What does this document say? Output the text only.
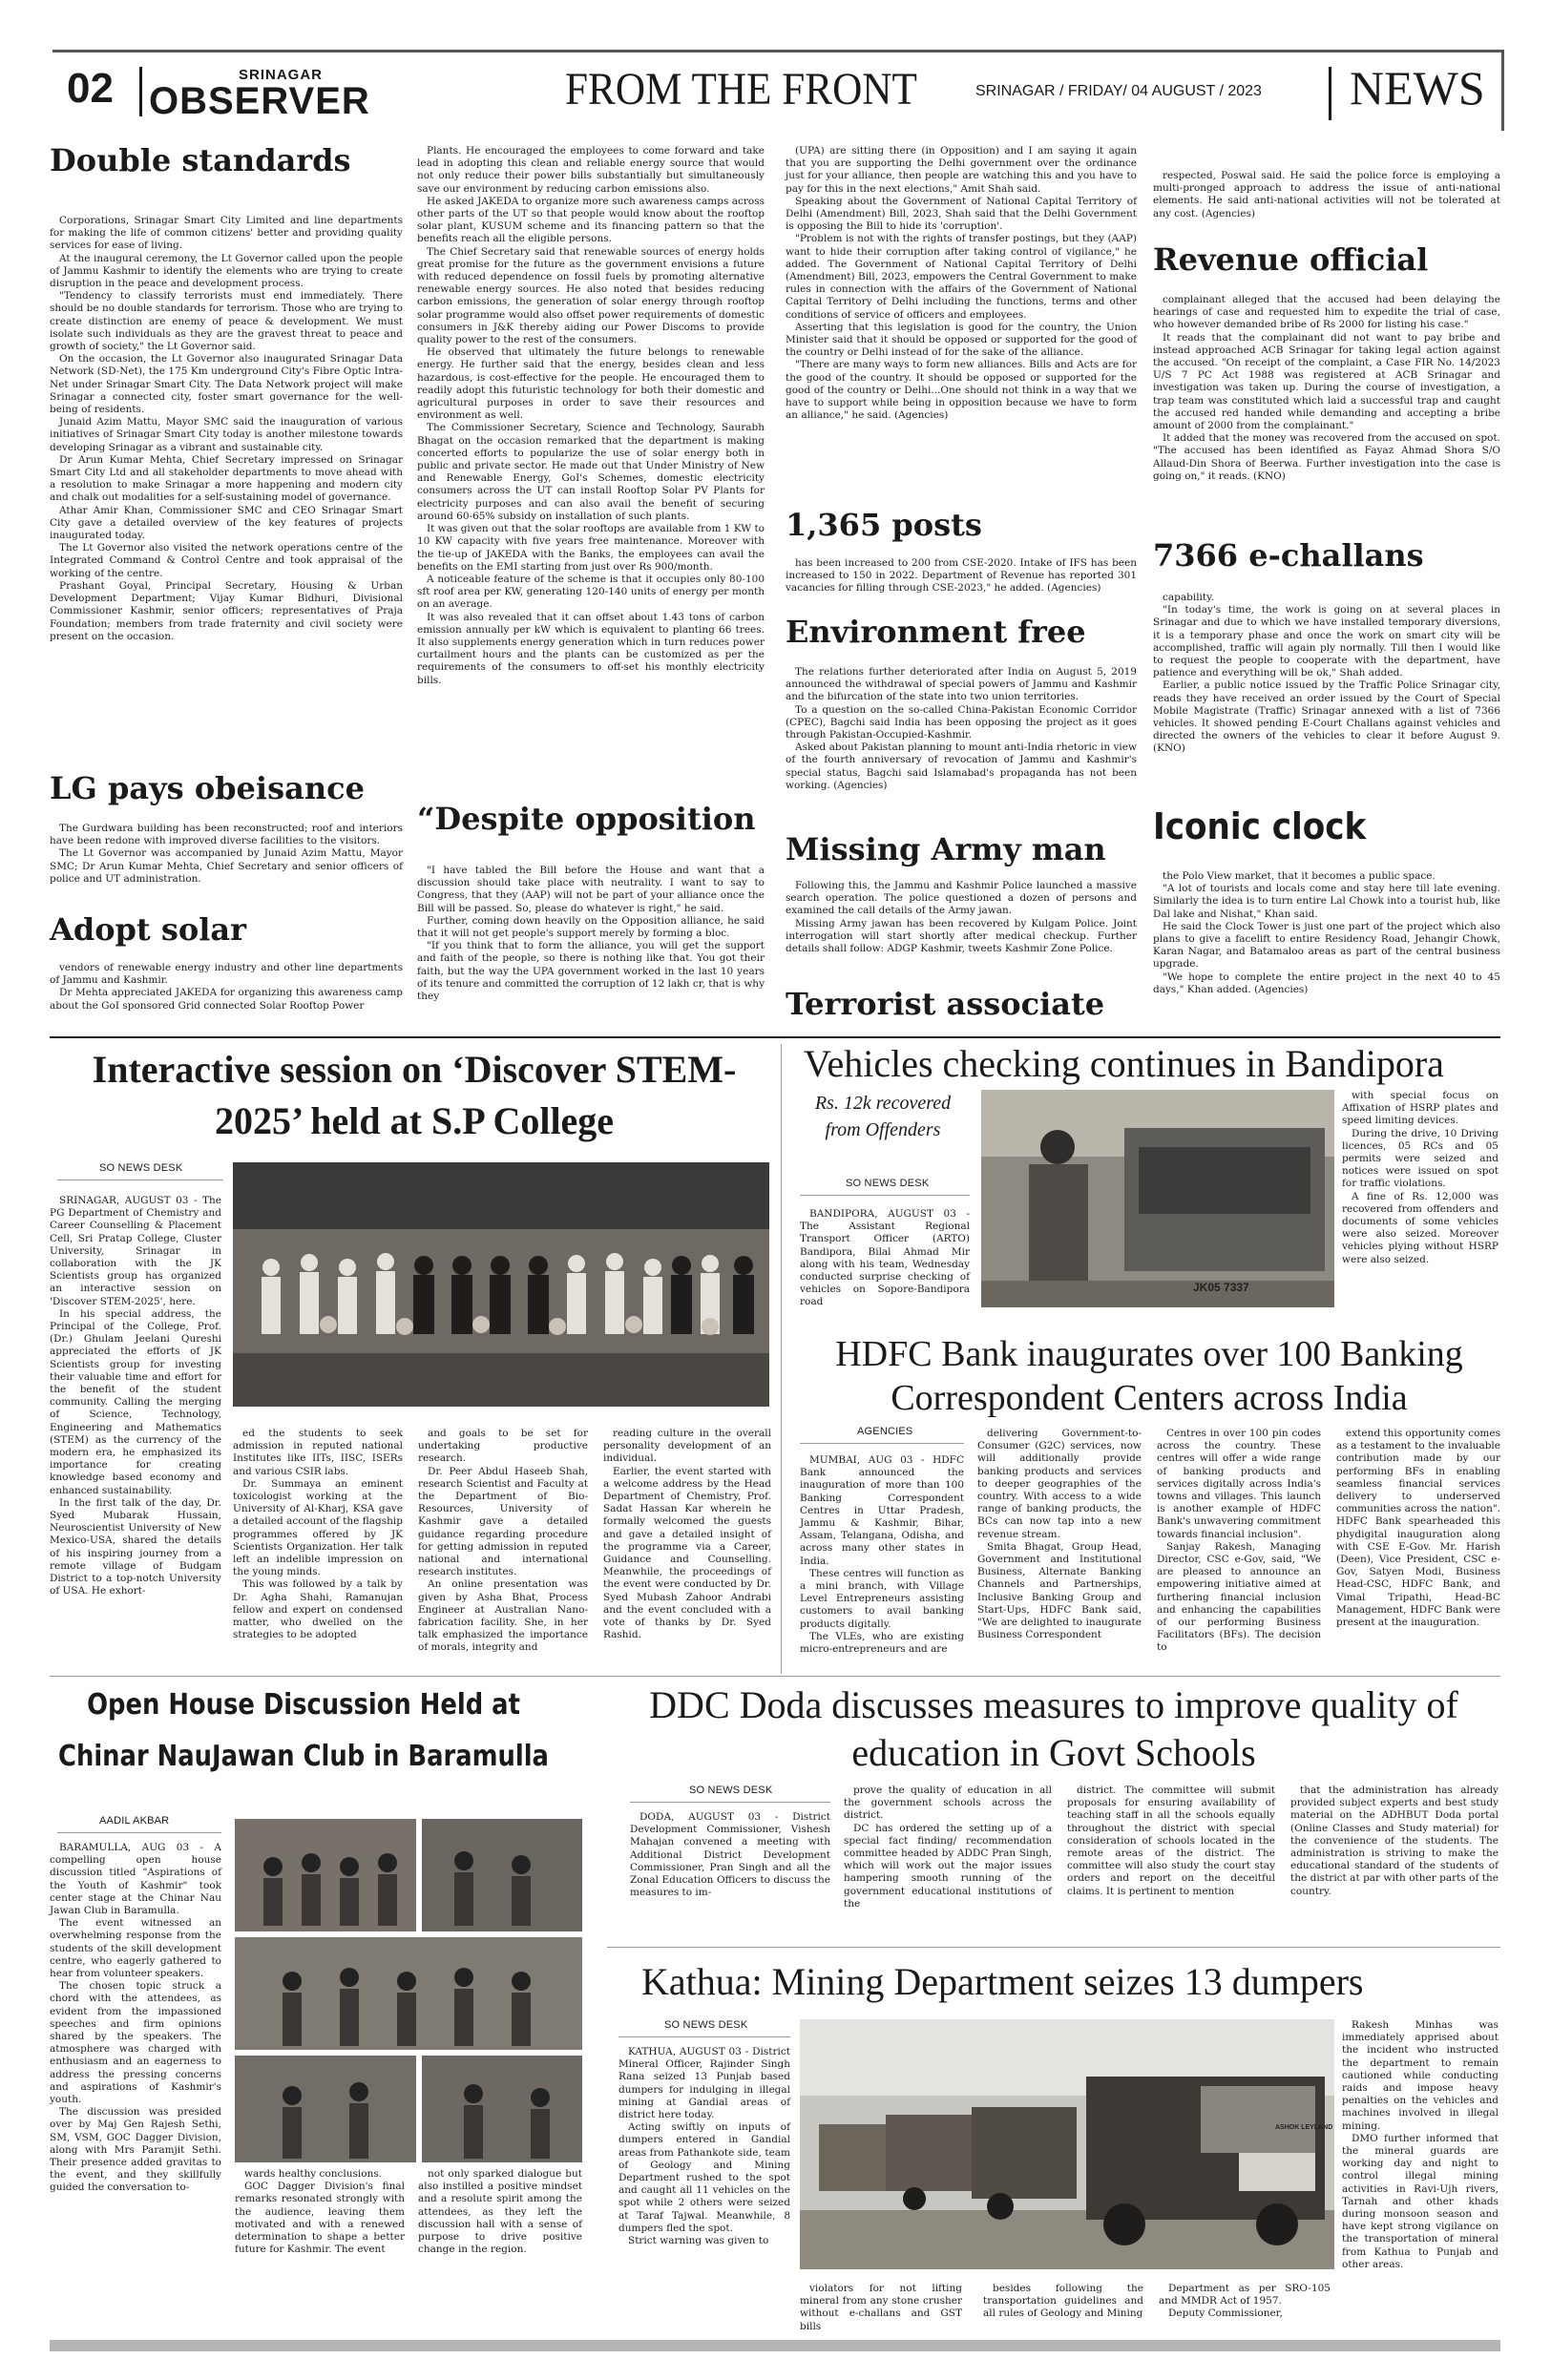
02	SRINAGAR
OBSERVER	FROM THE FRONT	SRINAGAR / FRIDAY/ 04 AUGUST / 2023 NEWS
Double standards

Corporations, Srinagar Smart City Limited and line departments for making the life of common citizens' better and providing quality services for ease of living.

At the inaugural ceremony, the Lt Governor called upon the people of Jammu Kashmir to identify the elements who are trying to create disruption in the peace and development process.

"Tendency to classify terrorists must end immediately. There should be no double standards for terrorism. Those who are trying to create distinction are enemy of peace & development. We must isolate such individuals as they are the gravest threat to peace and growth of society," the Lt Governor said.

On the occasion, the Lt Governor also inaugurated Srinagar Data Network (SD-Net), the 175 Km underground City's Fibre Optic Intra-Net under Srinagar Smart City. The Data Network project will make Srinagar a connected city, foster smart governance for the well-being of residents.

Junaid Azim Mattu, Mayor SMC said the inauguration of various initiatives of Srinagar Smart City today is another milestone towards developing Srinagar as a vibrant and sustainable city.

Dr Arun Kumar Mehta, Chief Secretary impressed on Srinagar Smart City Ltd and all stakeholder departments to move ahead with a resolution to make Srinagar a more happening and modern city and chalk out modalities for a self-sustaining model of governance.

Athar Amir Khan, Commissioner SMC and CEO Srinagar Smart City gave a detailed overview of the key features of projects inaugurated today.

The Lt Governor also visited the network operations centre of the Integrated Command & Control Centre and took appraisal of the working of the centre.

Prashant Goyal, Principal Secretary, Housing & Urban Development Department; Vijay Kumar Bidhuri, Divisional Commissioner Kashmir, senior officers; representatives of Praja Foundation; members from trade fraternity and civil society were present on the occasion.

LG pays obeisance

The Gurdwara building has been reconstructed; roof and interiors have been redone with improved diverse facilities to the visitors.

The Lt Governor was accompanied by Junaid Azim Mattu, Mayor SMC; Dr Arun Kumar Mehta, Chief Secretary and senior officers of police and UT administration.

Adopt solar

vendors of renewable energy industry and other line departments of Jammu and Kashmir.

Dr Mehta appreciated JAKEDA for organizing this awareness camp about the GoI sponsored Grid connected Solar Rooftop Power

Plants. He encouraged the employees to come forward and take lead in adopting this clean and reliable energy source that would not only reduce their power bills substantially but simultaneously save our environment by reducing carbon emissions also.

He asked JAKEDA to organize more such awareness camps across other parts of the UT so that people would know about the rooftop solar plant, KUSUM scheme and its financing pattern so that the benefits reach all the eligible persons.

The Chief Secretary said that renewable sources of energy holds great promise for the future as the government envisions a future with reduced dependence on fossil fuels by promoting alternative renewable energy sources. He also noted that besides reducing carbon emissions, the generation of solar energy through rooftop solar programme would also offset power requirements of domestic consumers in J&K thereby aiding our Power Discoms to provide quality power to the rest of the consumers.

He observed that ultimately the future belongs to renewable energy. He further said that the energy, besides clean and less hazardous, is cost-effective for the people. He encouraged them to readily adopt this futuristic technology for both their domestic and agricultural purposes in order to save their resources and environment as well.

The Commissioner Secretary, Science and Technology, Saurabh Bhagat on the occasion remarked that the department is making concerted efforts to popularize the use of solar energy both in public and private sector. He made out that Under Ministry of New and Renewable Energy, GoI's Schemes, domestic electricity consumers across the UT can install Rooftop Solar PV Plants for electricity purposes and can also avail the benefit of securing around 60-65% subsidy on installation of such plants.

It was given out that the solar rooftops are available from 1 KW to 10 KW capacity with five years free maintenance. Moreover with the tie-up of JAKEDA with the Banks, the employees can avail the benefits on the EMI starting from just over Rs 900/month.

A noticeable feature of the scheme is that it occupies only 80-100 sft roof area per KW, generating 120-140 units of energy per month on an average.

It was also revealed that it can offset about 1.43 tons of carbon emission annually per kW which is equivalent to planting 66 trees. It also supplements energy generation which in turn reduces power curtailment hours and the plants can be customized as per the requirements of the consumers to off-set his monthly electricity bills.

“Despite opposition

"I have tabled the Bill before the House and want that a discussion should take place with neutrality. I want to say to Congress, that they (AAP) will not be part of your alliance once the Bill will be passed. So, please do whatever is right," he said.

Further, coming down heavily on the Opposition alliance, he said that it will not get people's support merely by forming a bloc.

"If you think that to form the alliance, you will get the support and faith of the people, so there is nothing like that. You got their faith, but the way the UPA government worked in the last 10 years of its tenure and committed the corruption of 12 lakh cr, that is why they

(UPA) are sitting there (in Opposition) and I am saying it again that you are supporting the Delhi government over the ordinance just for your alliance, then people are watching this and you have to pay for this in the next elections," Amit Shah said.

Speaking about the Government of National Capital Territory of Delhi (Amendment) Bill, 2023, Shah said that the Delhi Government is opposing the Bill to hide its 'corruption'.

"Problem is not with the rights of transfer postings, but they (AAP) want to hide their corruption after taking control of vigilance," he added. The Government of National Capital Territory of Delhi (Amendment) Bill, 2023, empowers the Central Government to make rules in connection with the affairs of the Government of National Capital Territory of Delhi including the functions, terms and other conditions of service of officers and employees.

Asserting that this legislation is good for the country, the Union Minister said that it should be opposed or supported for the good of the country or Delhi instead of for the sake of the alliance.

"There are many ways to form new alliances. Bills and Acts are for the good of the country. It should be opposed or supported for the good of the country or Delhi...One should not think in a way that we have to support while being in opposition because we have to form an alliance," he said. (Agencies)

1,365 posts

has been increased to 200 from CSE-2020. Intake of IFS has been increased to 150 in 2022. Department of Revenue has reported 301 vacancies for filling through CSE-2023," he added. (Agencies)

Environment free

The relations further deteriorated after India on August 5, 2019 announced the withdrawal of special powers of Jammu and Kashmir and the bifurcation of the state into two union territories.

To a question on the so-called China-Pakistan Economic Corridor (CPEC), Bagchi said India has been opposing the project as it goes through Pakistan-Occupied-Kashmir.

Asked about Pakistan planning to mount anti-India rhetoric in view of the fourth anniversary of revocation of Jammu and Kashmir's special status, Bagchi said Islamabad's propaganda has not been working. (Agencies)

Missing Army man

Following this, the Jammu and Kashmir Police launched a massive search operation. The police questioned a dozen of persons and examined the call details of the Army jawan.

Missing Army jawan has been recovered by Kulgam Police. Joint interrogation will start shortly after medical checkup. Further details shall follow: ADGP Kashmir, tweets Kashmir Zone Police.

Terrorist associate

respected, Poswal said. He said the police force is employing a multi-pronged approach to address the issue of anti-national elements. He said anti-national activities will not be tolerated at any cost. (Agencies)

Revenue official

complainant alleged that the accused had been delaying the hearings of case and requested him to expedite the trial of case, who however demanded bribe of Rs 2000 for listing his case."

It reads that the complainant did not want to pay bribe and instead approached ACB Srinagar for taking legal action against the accused. "On receipt of the complaint, a Case FIR No. 14/2023 U/S 7 PC Act 1988 was registered at ACB Srinagar and investigation was taken up. During the course of investigation, a trap team was constituted which laid a successful trap and caught the accused red handed while demanding and accepting a bribe amount of 2000 from the complainant."

It added that the money was recovered from the accused on spot. "The accused has been identified as Fayaz Ahmad Shora S/O Allaud-Din Shora of Beerwa. Further investigation into the case is going on," it reads. (KNO)

7366 e-challans

capability.

"In today's time, the work is going on at several places in Srinagar and due to which we have installed temporary diversions, it is a temporary phase and once the work on smart city will be accomplished, traffic will again ply normally. Till then I would like to request the people to cooperate with the department, have patience and everything will be ok," Shah added.

Earlier, a public notice issued by the Traffic Police Srinagar city, reads they have received an order issued by the Court of Special Mobile Magistrate (Traffic) Srinagar annexed with a list of 7366 vehicles. It showed pending E-Court Challans against vehicles and directed the owners of the vehicles to clear it before August 9. (KNO)

Iconic clock

the Polo View market, that it becomes a public space.

"A lot of tourists and locals come and stay here till late evening. Similarly the idea is to turn entire Lal Chowk into a tourist hub, like Dal lake and Nishat," Khan said.

He said the Clock Tower is just one part of the project which also plans to give a facelift to entire Residency Road, Jehangir Chowk, Karan Nagar, and Batamaloo areas as part of the central business upgrade.

"We hope to complete the entire project in the next 40 to 45 days," Khan added. (Agencies)

Interactive session on ‘Discover STEM-2025’ held at S.P College
SO NEWS DESK

SRINAGAR, AUGUST 03 - The PG Department of Chemistry and Career Counselling & Placement Cell, Sri Pratap College, Cluster University, Srinagar in collaboration with the JK Scientists group has organized an interactive session on 'Discover STEM-2025', here.

In his special address, the Principal of the College, Prof. (Dr.) Ghulam Jeelani Qureshi appreciated the efforts of JK Scientists group for investing their valuable time and effort for the benefit of the student community. Calling the merging of Science, Technology, Engineering and Mathematics (STEM) as the currency of the modern era, he emphasized its importance for creating knowledge based economy and enhanced sustainability.

In the first talk of the day, Dr. Syed Mubarak Hussain, Neuroscientist University of New Mexico-USA, shared the details of his inspiring journey from a remote village of Budgam District to a top-notch University of USA. He exhort-

ed the students to seek admission in reputed national Institutes like IITs, IISC, ISERs and various CSIR labs.

Dr. Summaya an eminent toxicologist working at the University of Al-Kharj, KSA gave a detailed account of the flagship programmes offered by JK Scientists Organization. Her talk left an indelible impression on the young minds.

This was followed by a talk by Dr. Agha Shahi, Ramanujan fellow and expert on condensed matter, who dwelled on the strategies to be adopted

and goals to be set for undertaking productive research.

Dr. Peer Abdul Haseeb Shah, research Scientist and Faculty at the Department of Bio-Resources, University of Kashmir gave a detailed guidance regarding procedure for getting admission in reputed national and international research institutes.

An online presentation was given by Asha Bhat, Process Engineer at Australian Nano-fabrication facility. She, in her talk emphasized the importance of morals, integrity and

reading culture in the overall personality development of an individual.

Earlier, the event started with a welcome address by the Head Department of Chemistry, Prof. Sadat Hassan Kar wherein he formally welcomed the guests and gave a detailed insight of the programme via a Career, Guidance and Counselling. Meanwhile, the proceedings of the event were conducted by Dr. Syed Mubash Zahoor Andrabi and the event concluded with a vote of thanks by Dr. Syed Rashid.

Vehicles checking continues in Bandipora
Rs. 12k recovered from Offenders
SO NEWS DESK

BANDIPORA, AUGUST 03 - The Assistant Regional Transport Officer (ARTO) Bandipora, Bilal Ahmad Mir along with his team, Wednesday conducted surprise checking of vehicles on Sopore-Bandipora road

JK05 7337

with special focus on Affixation of HSRP plates and speed limiting devices.

During the drive, 10 Driving licences, 05 RCs and 05 permits were seized and notices were issued on spot for traffic violations.

A fine of Rs. 12,000 was recovered from offenders and documents of some vehicles were also seized. Moreover vehicles plying without HSRP were also seized.

HDFC Bank inaugurates over 100 Banking Correspondent Centers across India
AGENCIES

MUMBAI, AUG 03 - HDFC Bank announced the inauguration of more than 100 Banking Correspondent Centres in Uttar Pradesh, Jammu & Kashmir, Bihar, Assam, Telangana, Odisha, and across many other states in India.

These centres will function as a mini branch, with Village Level Entrepreneurs assisting customers to avail banking products digitally.

The VLEs, who are existing micro-entrepreneurs and are

delivering Government-to-Consumer (G2C) services, now will additionally provide banking products and services to deeper geographies of the country. With access to a wide range of banking products, the BCs can now tap into a new revenue stream.

Smita Bhagat, Group Head, Government and Institutional Business, Alternate Banking Channels and Partnerships, Inclusive Banking Group and Start-Ups, HDFC Bank said, "We are delighted to inaugurate Business Correspondent

Centres in over 100 pin codes across the country. These centres will offer a wide range of banking products and services digitally across India's towns and villages. This launch is another example of HDFC Bank's unwavering commitment towards financial inclusion".

Sanjay Rakesh, Managing Director, CSC e-Gov, said, "We are pleased to announce an empowering initiative aimed at furthering financial inclusion and enhancing the capabilities of our performing Business Facilitators (BFs). The decision to

extend this opportunity comes as a testament to the invaluable contribution made by our performing BFs in enabling seamless financial services delivery to underserved communities across the nation". HDFC Bank spearheaded this phydigital inauguration along with CSE E-Gov. Mr. Harish (Deen), Vice President, CSC e-Gov, Satyen Modi, Business Head-CSC, HDFC Bank, and Vimal Tripathi, Head-BC Management, HDFC Bank were present at the inauguration.

Open House Discussion Held at Chinar NauJawan Club in Baramulla
AADIL AKBAR

BARAMULLA, AUG 03 - A compelling open house discussion titled "Aspirations of the Youth of Kashmir" took center stage at the Chinar Nau Jawan Club in Baramulla.

The event witnessed an overwhelming response from the students of the skill development centre, who eagerly gathered to hear from volunteer speakers.

The chosen topic struck a chord with the attendees, as evident from the impassioned speeches and firm opinions shared by the speakers. The atmosphere was charged with enthusiasm and an eagerness to address the pressing concerns and aspirations of Kashmir's youth.

The discussion was presided over by Maj Gen Rajesh Sethi, SM, VSM, GOC Dagger Division, along with Mrs Paramjit Sethi. Their presence added gravitas to the event, and they skillfully guided the conversation to-

wards healthy conclusions.

GOC Dagger Division's final remarks resonated strongly with the audience, leaving them motivated and with a renewed determination to shape a better future for Kashmir. The event

not only sparked dialogue but also instilled a positive mindset and a resolute spirit among the attendees, as they left the discussion hall with a sense of purpose to drive positive change in the region.

DDC Doda discusses measures to improve quality of education in Govt Schools
SO NEWS DESK

DODA, AUGUST 03 - District Development Commissioner, Vishesh Mahajan convened a meeting with Additional District Development Commissioner, Pran Singh and all the Zonal Education Officers to discuss the measures to im-

prove the quality of education in all the government schools across the district.

DC has ordered the setting up of a special fact finding/ recommendation committee headed by ADDC Pran Singh, which will work out the major issues hampering smooth running of the government educational institutions of the

district. The committee will submit proposals for ensuring availability of teaching staff in all the schools equally throughout the district with special consideration of schools located in the remote areas of the district. The committee will also study the court stay orders and report on the deceitful claims. It is pertinent to mention

that the administration has already provided subject experts and best study material on the ADHBUT Doda portal (Online Classes and Study material) for the convenience of the students. The administration is striving to make the educational standard of the students of the district at par with other parts of the country.

Kathua: Mining Department seizes 13 dumpers
SO NEWS DESK

KATHUA, AUGUST 03 - District Mineral Officer, Rajinder Singh Rana seized 13 Punjab based dumpers for indulging in illegal mining at Gandial areas of district here today.

Acting swiftly on inputs of dumpers entered in Gandial areas from Pathankote side, team of Geology and Mining Department rushed to the spot and caught all 11 vehicles on the spot while 2 others were seized at Taraf Tajwal. Meanwhile, 8 dumpers fled the spot.

Strict warning was given to

ASHOK LEYLAND

violators for not lifting mineral from any stone crusher without e-challans and GST bills

besides following the transportation guidelines and all rules of Geology and Mining

Department as per SRO-105 and MMDR Act of 1957.

Deputy Commissioner,

Rakesh Minhas was immediately apprised about the incident who instructed the department to remain cautioned while conducting raids and impose heavy penalties on the vehicles and machines involved in illegal mining.

DMO further informed that the mineral guards are working day and night to control illegal mining activities in Ravi-Ujh rivers, Tarnah and other khads during monsoon season and have kept strong vigilance on the transportation of mineral from Kathua to Punjab and other areas.
